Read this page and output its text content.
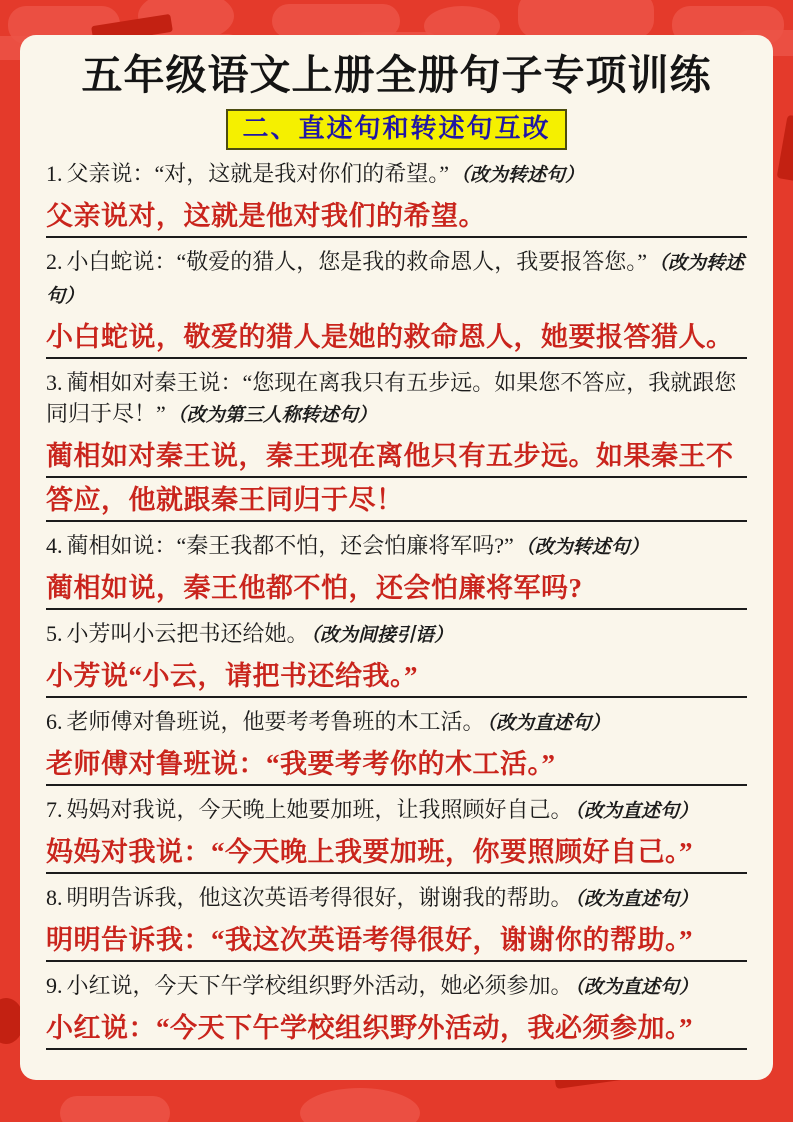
五年级语文上册全册句子专项训练
二、直述句和转述句互改

1. 父亲说：“对，这就是我对你们的希望。” （改为转述句）

父亲说对，这就是他对我们的希望。

2. 小白蛇说：“敬爱的猎人，您是我的救命恩人，我要报答您。” （改为转述句）

小白蛇说，敬爱的猎人是她的救命恩人，她要报答猎人。

3. 蔺相如对秦王说：“您现在离我只有五步远。如果您不答应，我就跟您同归于尽！” （改为第三人称转述句）

蔺相如对秦王说，秦王现在离他只有五步远。如果秦王不答应，他就跟秦王同归于尽！

4. 蔺相如说：“秦王我都不怕，还会怕廉将军吗?” （改为转述句）

蔺相如说，秦王他都不怕，还会怕廉将军吗?

5. 小芳叫小云把书还给她。 （改为间接引语）

小芳说“小云，请把书还给我。”

6. 老师傅对鲁班说，他要考考鲁班的木工活。 （改为直述句）

老师傅对鲁班说：“我要考考你的木工活。”

7. 妈妈对我说，今天晚上她要加班，让我照顾好自己。 （改为直述句）

妈妈对我说：“今天晚上我要加班，你要照顾好自己。”

8. 明明告诉我，他这次英语考得很好，谢谢我的帮助。 （改为直述句）

明明告诉我：“我这次英语考得很好，谢谢你的帮助。”

9. 小红说，今天下午学校组织野外活动，她必须参加。 （改为直述句）

小红说：“今天下午学校组织野外活动，我必须参加。”
